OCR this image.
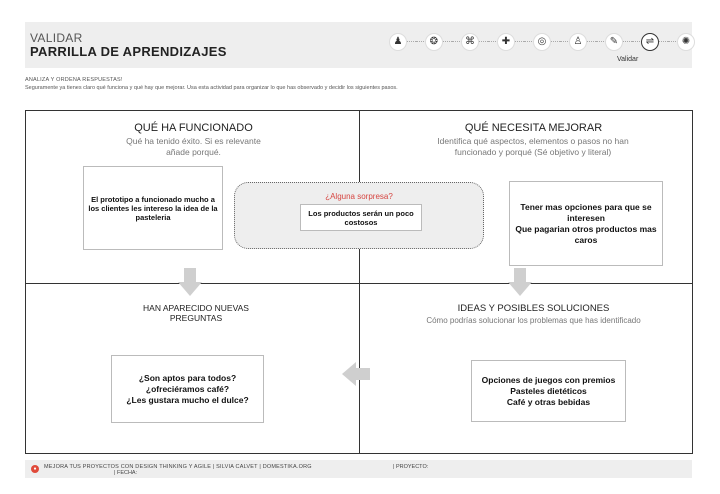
VALIDAR
PARRILLA DE APRENDIZAJES
♟	❂	⌘	✚	◎	♙	✎	⇌	✺
Validar
ANALIZA Y ORDENA RESPUESTAS!
Seguramente ya tienes claro qué funciona y qué hay que mejorar. Usa esta actividad para organizar lo que has observado y decidir los siguientes pasos.
QUÉ HA FUNCIONADO
Qué ha tenido éxito. Si es relevante añade porqué.
El prototipo a funcionado mucho a los clientes les intereso la idea de la pasteleria
QUÉ NECESITA MEJORAR
Identifica qué aspectos, elementos o pasos no han funcionado y porqué (Sé objetivo y literal)
Tener mas opciones para que se interesen
Que pagarian otros productos mas caros
¿Alguna sorpresa?
Los productos serán un poco costosos
HAN APARECIDO NUEVAS PREGUNTAS
¿Son aptos para todos?
¿ofreciéramos café?
¿Les gustara mucho el dulce?
IDEAS Y POSIBLES SOLUCIONES
Cómo podrías solucionar los problemas que has identificado
Opciones de juegos con premios
Pasteles dietéticos
Café y otras bebidas
●	MEJORA TUS PROYECTOS CON DESIGN THINKING Y AGILE | SILVIA CALVET | DOMESTIKA.ORG
| FECHA:
| PROYECTO:
